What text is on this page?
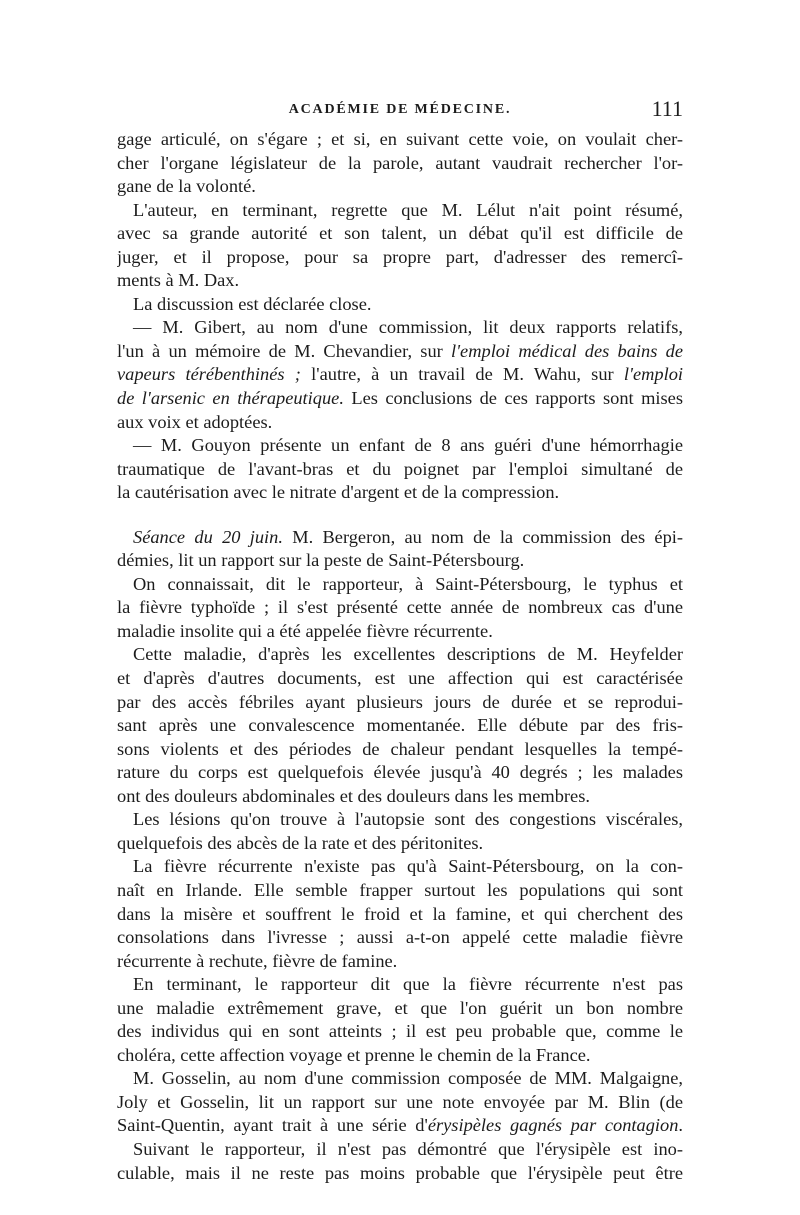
ACADÉMIE DE MÉDECINE.	111
gage articulé, on s'égare ; et si, en suivant cette voie, on voulait cher-
cher l'organe législateur de la parole, autant vaudrait rechercher l'or-
gane de la volonté.
L'auteur, en terminant, regrette que M. Lélut n'ait point résumé,
avec sa grande autorité et son talent, un débat qu'il est difficile de
juger, et il propose, pour sa propre part, d'adresser des remercî-
ments à M. Dax.
La discussion est déclarée close.
— M. Gibert, au nom d'une commission, lit deux rapports relatifs,
l'un à un mémoire de M. Chevandier, sur l'emploi médical des bains de
vapeurs térébenthinés ; l'autre, à un travail de M. Wahu, sur l'emploi
de l'arsenic en thérapeutique. Les conclusions de ces rapports sont mises
aux voix et adoptées.
— M. Gouyon présente un enfant de 8 ans guéri d'une hémorrhagie
traumatique de l'avant-bras et du poignet par l'emploi simultané de
la cautérisation avec le nitrate d'argent et de la compression.
Séance du 20 juin. M. Bergeron, au nom de la commission des épi-
démies, lit un rapport sur la peste de Saint-Pétersbourg.
On connaissait, dit le rapporteur, à Saint-Pétersbourg, le typhus et
la fièvre typhoïde ; il s'est présenté cette année de nombreux cas d'une
maladie insolite qui a été appelée fièvre récurrente.
Cette maladie, d'après les excellentes descriptions de M. Heyfelder
et d'après d'autres documents, est une affection qui est caractérisée
par des accès fébriles ayant plusieurs jours de durée et se reprodui-
sant après une convalescence momentanée. Elle débute par des fris-
sons violents et des périodes de chaleur pendant lesquelles la tempé-
rature du corps est quelquefois élevée jusqu'à 40 degrés ; les malades
ont des douleurs abdominales et des douleurs dans les membres.
Les lésions qu'on trouve à l'autopsie sont des congestions viscérales,
quelquefois des abcès de la rate et des péritonites.
La fièvre récurrente n'existe pas qu'à Saint-Pétersbourg, on la con-
naît en Irlande. Elle semble frapper surtout les populations qui sont
dans la misère et souffrent le froid et la famine, et qui cherchent des
consolations dans l'ivresse ; aussi a-t-on appelé cette maladie fièvre
récurrente à rechute, fièvre de famine.
En terminant, le rapporteur dit que la fièvre récurrente n'est pas
une maladie extrêmement grave, et que l'on guérit un bon nombre
des individus qui en sont atteints ; il est peu probable que, comme le
choléra, cette affection voyage et prenne le chemin de la France.
M. Gosselin, au nom d'une commission composée de MM. Malgaigne,
Joly et Gosselin, lit un rapport sur une note envoyée par M. Blin (de
Saint-Quentin, ayant trait à une série d'érysipèles gagnés par contagion.
Suivant le rapporteur, il n'est pas démontré que l'érysipèle est ino-
culable, mais il ne reste pas moins probable que l'érysipèle peut être
